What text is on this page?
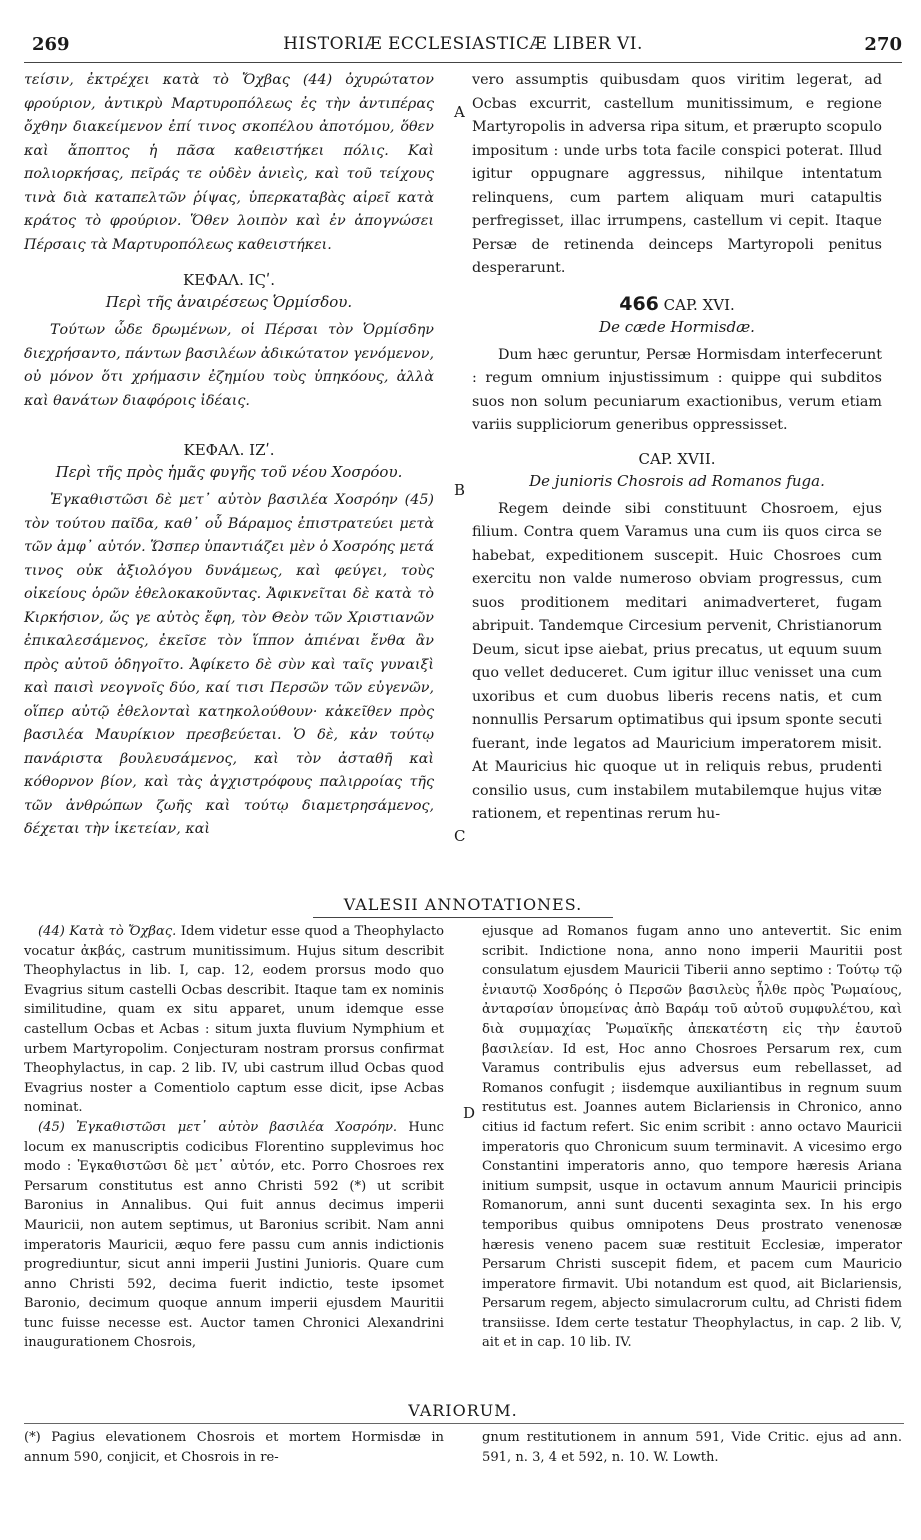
269	HISTORIÆ ECCLESIASTICÆ LIBER VI.	270
A
B
C

τείσιν, ἐκτρέχει κατὰ τὸ Ὄχβας (44) ὀχυρώτατον φρούριον, ἀντικρὺ Μαρτυροπόλεως ἐς τὴν ἀντιπέρας ὄχθην διακείμενον ἐπί τινος σκοπέλου ἀποτόμου, ὅθεν καὶ ἄποπτος ἡ πᾶσα καθειστήκει πόλις. Καὶ πολιορκήσας, πεῖράς τε οὐδὲν ἀνιεὶς, καὶ τοῦ τείχους τινὰ διὰ καταπελτῶν ῥίψας, ὑπερκαταβὰς αἱρεῖ κατὰ κράτος τὸ φρούριον. Ὅθεν λοιπὸν καὶ ἐν ἀπογνώσει Πέρσαις τὰ Μαρτυροπόλεως καθειστήκει.

ΚΕΦΑΛ. ΙϚʹ.
Περὶ τῆς ἀναιρέσεως Ὁρμίσδου.

Τούτων ὧδε δρωμένων, οἱ Πέρσαι τὸν Ὁρμίσδην διεχρήσαντο, πάντων βασιλέων ἀδικώτατον γενόμενον, οὐ μόνον ὅτι χρήμασιν ἐζημίου τοὺς ὑπηκόους, ἀλλὰ καὶ θανάτων διαφόροις ἰδέαις.

ΚΕΦΑΛ. ΙΖʹ.
Περὶ τῆς πρὸς ἡμᾶς φυγῆς τοῦ νέου Χοσρόου.

Ἐγκαθιστῶσι δὲ μετ᾽ αὐτὸν βασιλέα Χοσρόην (45) τὸν τούτου παῖδα, καθ᾽ οὗ Βάραμος ἐπιστρατεύει μετὰ τῶν ἀμφ᾽ αὐτόν. Ὥσπερ ὑπαντιάζει μὲν ὁ Χοσρόης μετά τινος οὐκ ἀξιολόγου δυνάμεως, καὶ φεύγει, τοὺς οἰκείους ὁρῶν ἐθελοκακοῦντας. Ἀφικνεῖται δὲ κατὰ τὸ Κιρκήσιον, ὥς γε αὐτὸς ἔφη, τὸν Θεὸν τῶν Χριστιανῶν ἐπικαλεσάμενος, ἐκεῖσε τὸν ἵππον ἀπιέναι ἔνθα ἂν πρὸς αὐτοῦ ὁδηγοῖτο. Ἀφίκετο δὲ σὺν καὶ ταῖς γυναιξὶ καὶ παισὶ νεογνοῖς δύο, καί τισι Περσῶν τῶν εὐγενῶν, οἵπερ αὐτῷ ἐθελονταὶ κατηκολούθουν· κἀκεῖθεν πρὸς βασιλέα Μαυρίκιον πρεσβεύεται. Ὁ δὲ, κἀν τούτῳ πανάριστα βουλευσάμενος, καὶ τὸν ἀσταθῆ καὶ κόθορνον βίον, καὶ τὰς ἀγχιστρόφους παλιρροίας τῆς τῶν ἀνθρώπων ζωῆς καὶ τούτῳ διαμετρησάμενος, δέχεται τὴν ἱκετείαν, καὶ

vero assumptis quibusdam quos viritim legerat, ad Ocbas excurrit, castellum munitissimum, e regione Martyropolis in adversa ripa situm, et prærupto scopulo impositum : unde urbs tota facile conspici poterat. Illud igitur oppugnare aggressus, nihilque intentatum relinquens, cum partem aliquam muri catapultis perfregisset, illac irrumpens, castellum vi cepit. Itaque Persæ de retinenda deinceps Martyropoli penitus desperarunt.

466 CAP. XVI.
De cæde Hormisdæ.

Dum hæc geruntur, Persæ Hormisdam interfecerunt : regum omnium injustissimum : quippe qui subditos suos non solum pecuniarum exactionibus, verum etiam variis suppliciorum generibus oppressisset.

CAP. XVII.
De junioris Chosrois ad Romanos fuga.

Regem deinde sibi constituunt Chosroem, ejus filium. Contra quem Varamus una cum iis quos circa se habebat, expeditionem suscepit. Huic Chosroes cum exercitu non valde numeroso obviam progressus, cum suos proditionem meditari animadverteret, fugam abripuit. Tandemque Circesium pervenit, Christianorum Deum, sicut ipse aiebat, prius precatus, ut equum suum quo vellet deduceret. Cum igitur illuc venisset una cum uxoribus et cum duobus liberis recens natis, et cum nonnullis Persarum optimatibus qui ipsum sponte secuti fuerant, inde legatos ad Mauricium imperatorem misit. At Mauricius hic quoque ut in reliquis rebus, prudenti consilio usus, cum instabilem mutabilemque hujus vitæ rationem, et repentinas rerum hu-

VALESII ANNOTATIONES.
D

(44) Κατὰ τὸ Ὄχβας. Idem videtur esse quod a Theophylacto vocatur ἀκβάς, castrum munitissimum. Hujus situm describit Theophylactus in lib. I, cap. 12, eodem prorsus modo quo Evagrius situm castelli Ocbas describit. Itaque tam ex nominis similitudine, quam ex situ apparet, unum idemque esse castellum Ocbas et Acbas : situm juxta fluvium Nymphium et urbem Martyropolim. Conjecturam nostram prorsus confirmat Theophylactus, in cap. 2 lib. IV, ubi castrum illud Ocbas quod Evagrius noster a Comentiolo captum esse dicit, ipse Acbas nominat.

(45) Ἐγκαθιστῶσι μετ᾽ αὐτὸν βασιλέα Χοσρόην. Hunc locum ex manuscriptis codicibus Florentino supplevimus hoc modo : Ἐγκαθιστῶσι δὲ μετ᾽ αὐτόν, etc. Porro Chosroes rex Persarum constitutus est anno Christi 592 (*) ut scribit Baronius in Annalibus. Qui fuit annus decimus imperii Mauricii, non autem septimus, ut Baronius scribit. Nam anni imperatoris Mauricii, æquo fere passu cum annis indictionis progrediuntur, sicut anni imperii Justini Junioris. Quare cum anno Christi 592, decima fuerit indictio, teste ipsomet Baronio, decimum quoque annum imperii ejusdem Mauritii tunc fuisse necesse est. Auctor tamen Chronici Alexandrini inaugurationem Chosrois,

ejusque ad Romanos fugam anno uno antevertit. Sic enim scribit. Indictione nona, anno nono imperii Mauritii post consulatum ejusdem Mauricii Tiberii anno septimo : Τούτῳ τῷ ἐνιαυτῷ Χοσδρόης ὁ Περσῶν βασιλεὺς ἦλθε πρὸς Ῥωμαίους, ἀνταρσίαν ὑπομείνας ἀπὸ Βαράμ τοῦ αὐτοῦ συμφυλέτου, καὶ διὰ συμμαχίας Ῥωμαϊκῆς ἀπεκατέστη εἰς τὴν ἑαυτοῦ βασιλείαν. Id est, Hoc anno Chosroes Persarum rex, cum Varamus contribulis ejus adversus eum rebellasset, ad Romanos confugit ; iisdemque auxiliantibus in regnum suum restitutus est. Joannes autem Biclariensis in Chronico, anno citius id factum refert. Sic enim scribit : anno octavo Mauricii imperatoris quo Chronicum suum terminavit. A vicesimo ergo Constantini imperatoris anno, quo tempore hæresis Ariana initium sumpsit, usque in octavum annum Mauricii principis Romanorum, anni sunt ducenti sexaginta sex. In his ergo temporibus quibus omnipotens Deus prostrato venenosæ hæresis veneno pacem suæ restituit Ecclesiæ, imperator Persarum Christi suscepit fidem, et pacem cum Mauricio imperatore firmavit. Ubi notandum est quod, ait Biclariensis, Persarum regem, abjecto simulacrorum cultu, ad Christi fidem transiisse. Idem certe testatur Theophylactus, in cap. 2 lib. V, ait et in cap. 10 lib. IV.

VARIORUM.

(*) Pagius elevationem Chosrois et mortem Hormisdæ in annum 590, conjicit, et Chosrois in re-

gnum restitutionem in annum 591, Vide Critic. ejus ad ann. 591, n. 3, 4 et 592, n. 10. W. Lowth.
